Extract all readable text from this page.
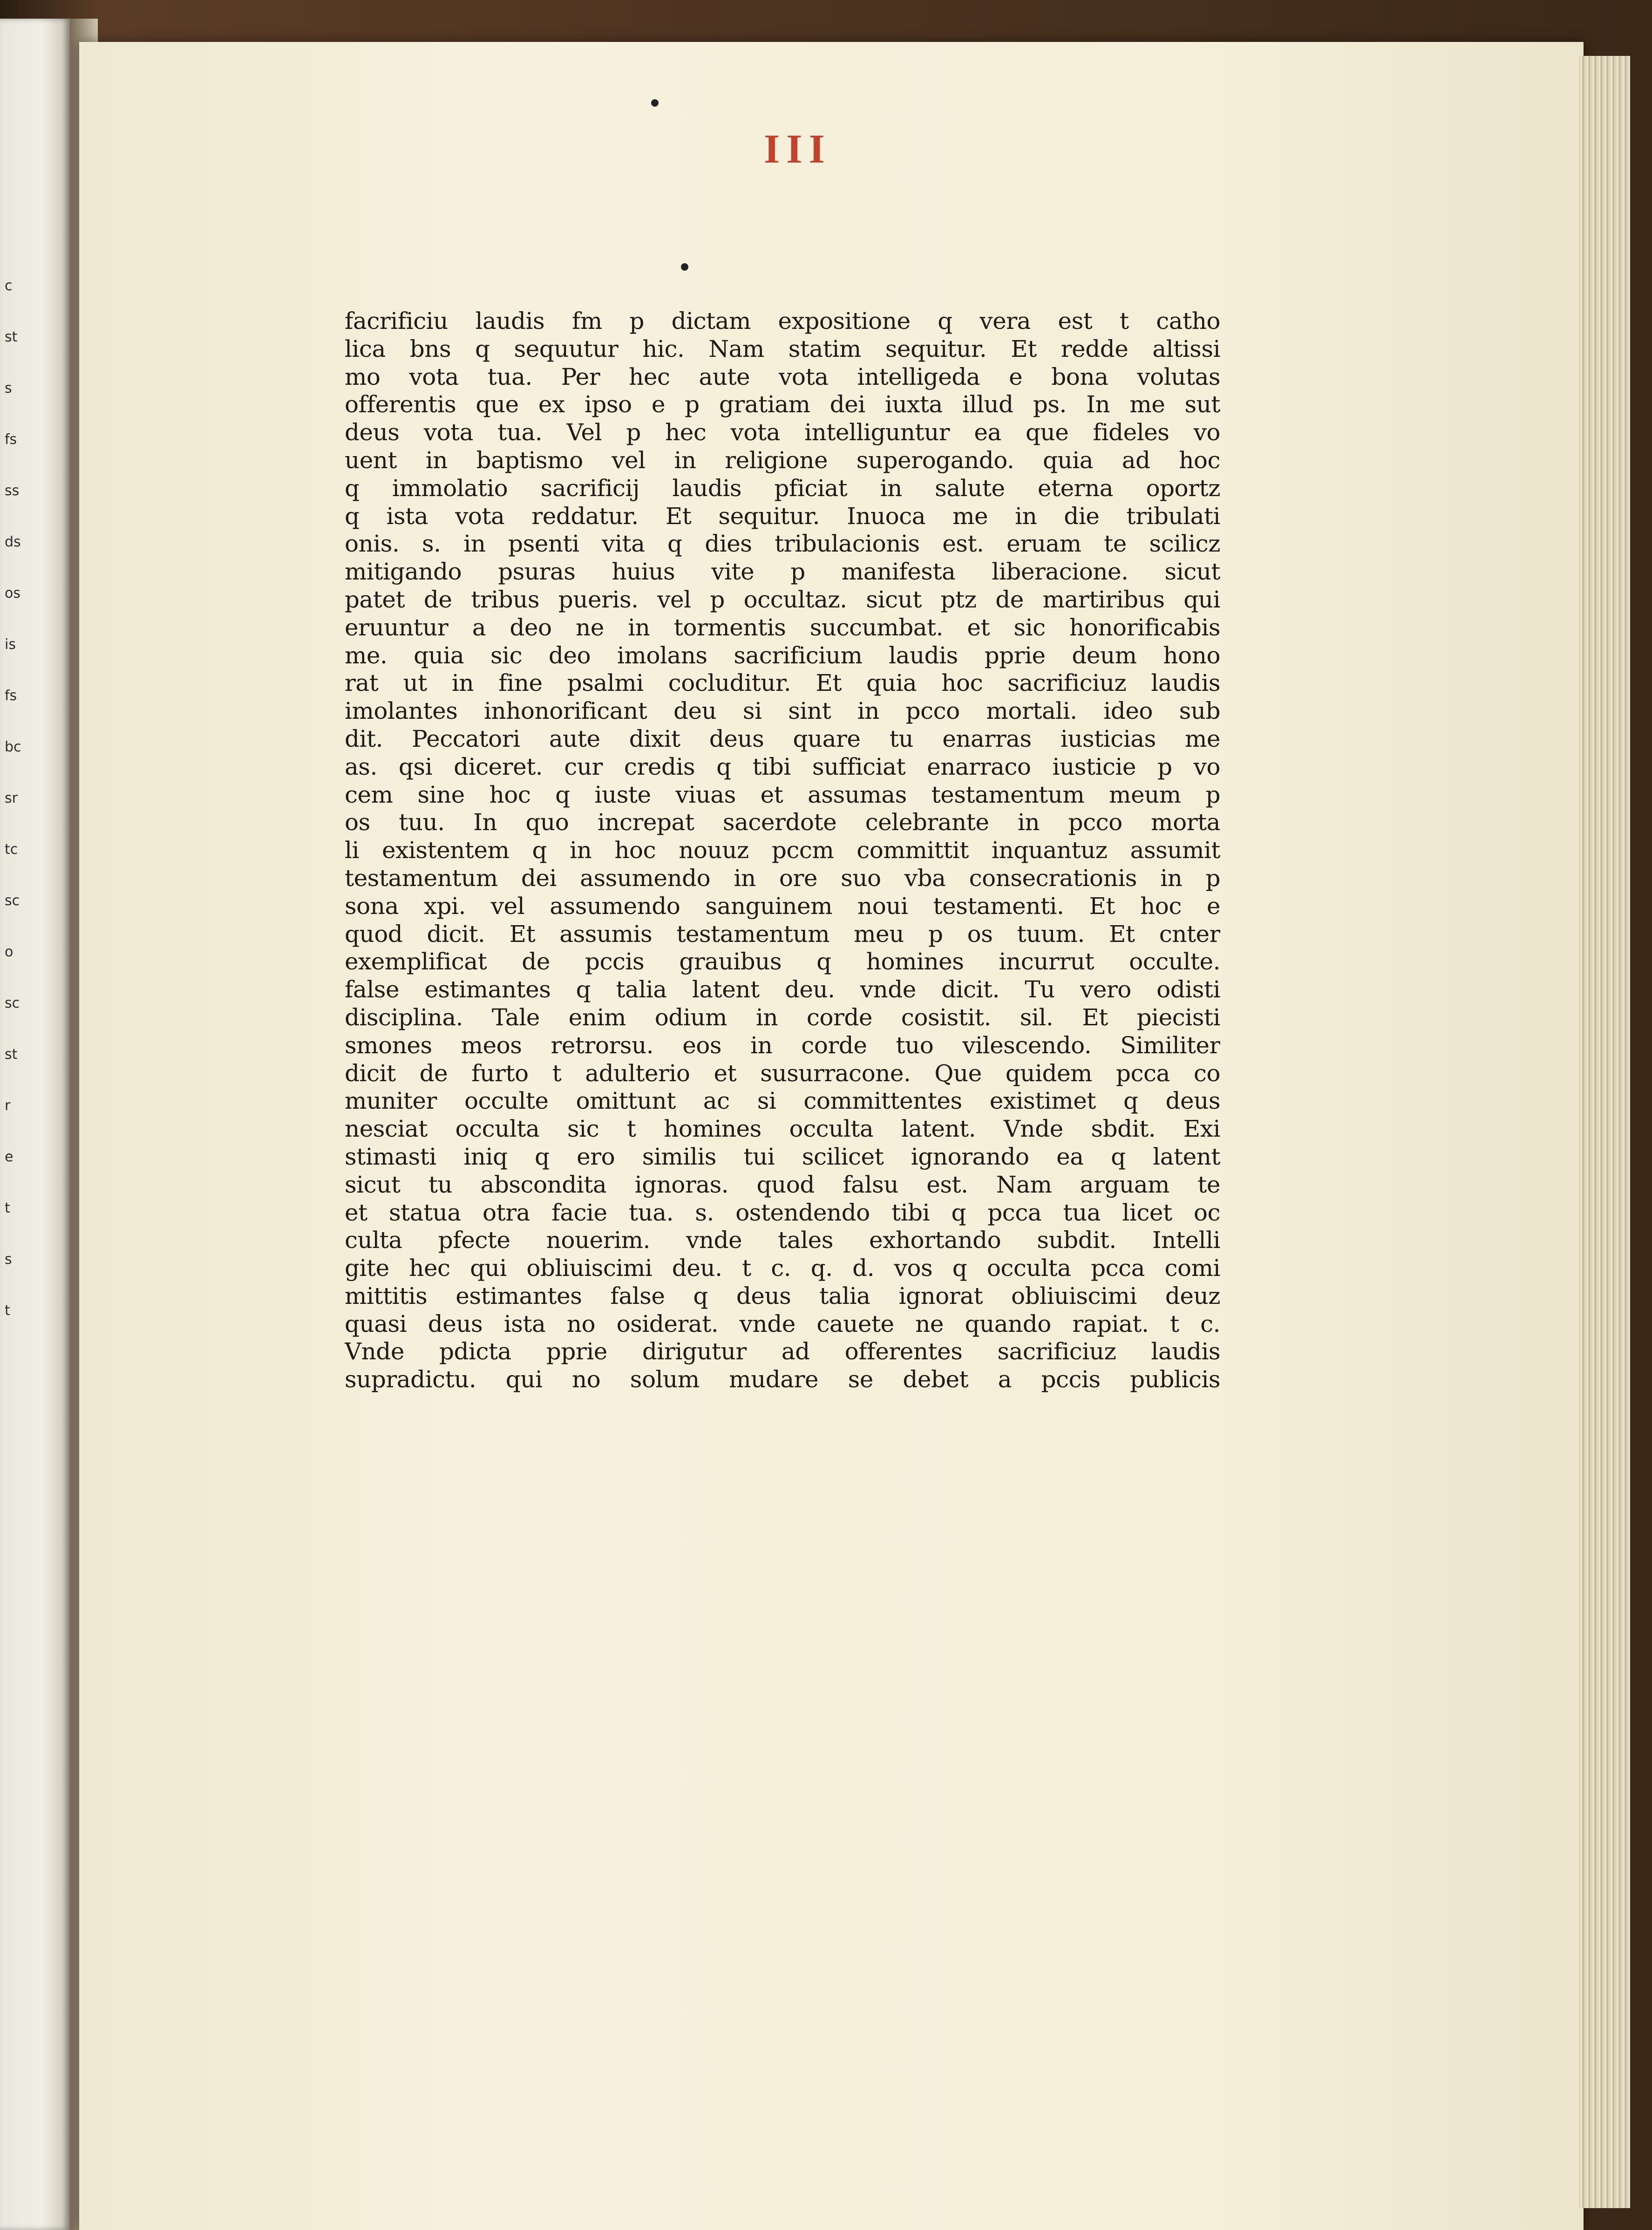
c
st
s
fs
ss
ds
os
is
fs
bc
sr
tc
sc
o
sc
st
r
e
t
s
t
III
facrificiu laudis fm p dictam expositione q vera est t catho
lica bns q sequutur hic. Nam statim sequitur. Et redde altissi
mo vota tua. Per hec aute vota intelligeda e bona volutas
offerentis que ex ipso e p gratiam dei iuxta illud ps. In me sut
deus vota tua. Vel p hec vota intelliguntur ea que fideles vo
uent in baptismo vel in religione superogando. quia ad hoc
q immolatio sacrificij laudis pficiat in salute eterna oportz
q ista vota reddatur. Et sequitur. Inuoca me in die tribulati
onis. s. in psenti vita q dies tribulacionis est. eruam te scilicz
mitigando psuras huius vite p manifesta liberacione. sicut
patet de tribus pueris. vel p occultaz. sicut ptz de martiribus qui
eruuntur a deo ne in tormentis succumbat. et sic honorificabis
me. quia sic deo imolans sacrificium laudis pprie deum hono
rat ut in fine psalmi cocluditur. Et quia hoc sacrificiuz laudis
imolantes inhonorificant deu si sint in pcco mortali. ideo sub
dit. Peccatori aute dixit deus quare tu enarras iusticias me
as. qsi diceret. cur credis q tibi sufficiat enarraco iusticie p vo
cem sine hoc q iuste viuas et assumas testamentum meum p
os tuu. In quo increpat sacerdote celebrante in pcco morta
li existentem q in hoc nouuz pccm committit inquantuz assumit
testamentum dei assumendo in ore suo vba consecrationis in p
sona xpi. vel assumendo sanguinem noui testamenti. Et hoc e
quod dicit. Et assumis testamentum meu p os tuum. Et cnter
exemplificat de pccis grauibus q homines incurrut occulte.
false estimantes q talia latent deu. vnde dicit. Tu vero odisti
disciplina. Tale enim odium in corde cosistit. sil. Et piecisti
smones meos retrorsu. eos in corde tuo vilescendo. Similiter
dicit de furto t adulterio et susurracone. Que quidem pcca co
muniter occulte omittunt ac si committentes existimet q deus
nesciat occulta sic t homines occulta latent. Vnde sbdit. Exi
stimasti iniq q ero similis tui scilicet ignorando ea q latent
sicut tu abscondita ignoras. quod falsu est. Nam arguam te
et statua otra facie tua. s. ostendendo tibi q pcca tua licet oc
culta pfecte nouerim. vnde tales exhortando subdit. Intelli
gite hec qui obliuiscimi deu. t c. q. d. vos q occulta pcca comi
mittitis estimantes false q deus talia ignorat obliuiscimi deuz
quasi deus ista no osiderat. vnde cauete ne quando rapiat. t c.
Vnde pdicta pprie dirigutur ad offerentes sacrificiuz laudis
supradictu. qui no solum mudare se debet a pccis publicis
